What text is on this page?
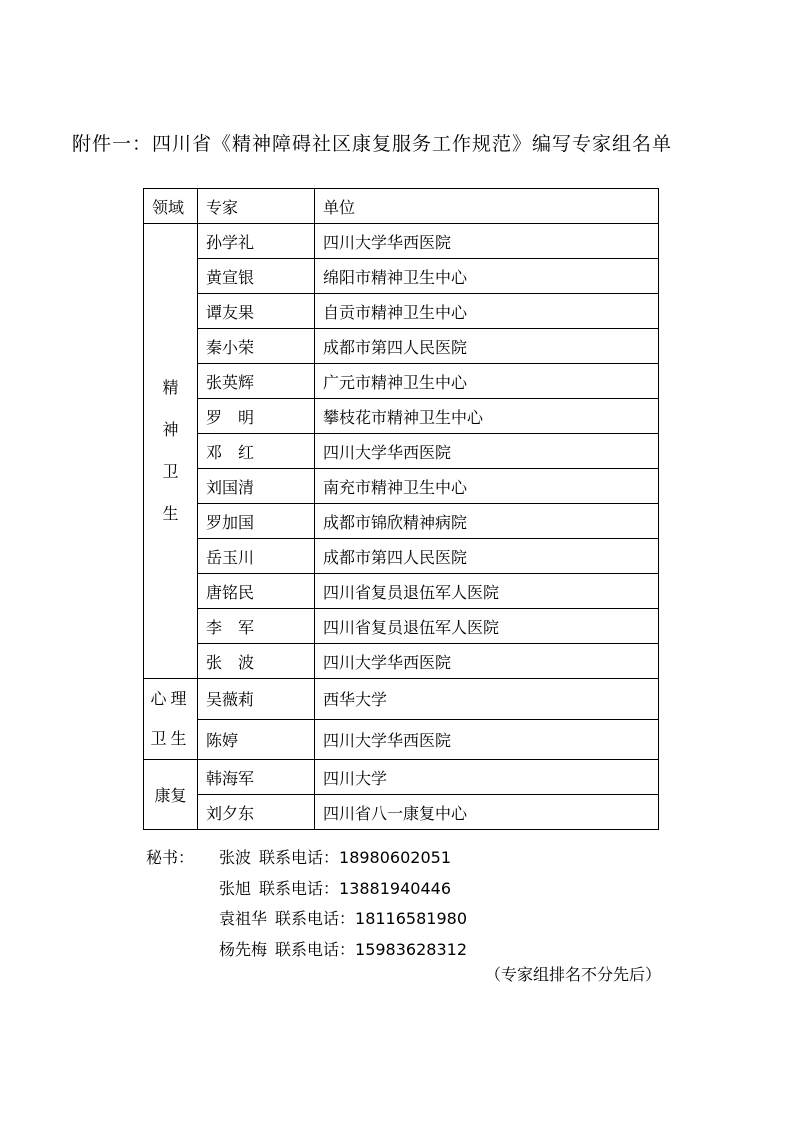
附件一：四川省《精神障碍社区康复服务工作规范》编写专家组名单
领域	专家	单位

精
神
卫
生	孙学礼	四川大学华西医院
	黄宣银	绵阳市精神卫生中心
	谭友果	自贡市精神卫生中心
	秦小荣	成都市第四人民医院
	张英辉	广元市精神卫生中心
	罗　明	攀枝花市精神卫生中心
	邓　红	四川大学华西医院
	刘国清	南充市精神卫生中心
	罗加国	成都市锦欣精神病院
	岳玉川	成都市第四人民医院
	唐铭民	四川省复员退伍军人医院
	李　军	四川省复员退伍军人医院
	张　波	四川大学华西医院

心理
卫生	吴薇莉	西华大学
	陈婷	四川大学华西医院
康复	韩海军	四川大学
	刘夕东	四川省八一康复中心
秘书： 张波 联系电话：18980602051
张旭 联系电话：13881940446
袁祖华 联系电话：18116581980
杨先梅 联系电话：15983628312
（专家组排名不分先后）
